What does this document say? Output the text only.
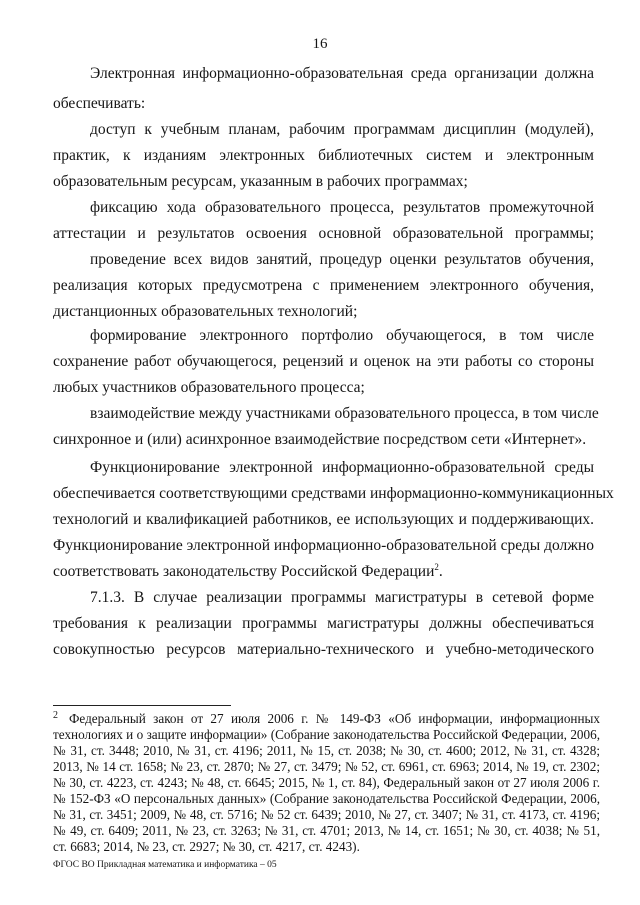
16
Электронная информационно-образовательная среда организации должна
обеспечивать:
доступ к учебным планам, рабочим программам дисциплин (модулей),
практик, к изданиям электронных библиотечных систем и электронным
образовательным ресурсам, указанным в рабочих программах;
фиксацию хода образовательного процесса, результатов промежуточной
аттестации и результатов освоения основной образовательной программы;
проведение всех видов занятий, процедур оценки результатов обучения,
реализация которых предусмотрена с применением электронного обучения,
дистанционных образовательных технологий;
формирование электронного портфолио обучающегося, в том числе
сохранение работ обучающегося, рецензий и оценок на эти работы со стороны
любых участников образовательного процесса;
взаимодействие между участниками образовательного процесса, в том числе
синхронное и (или) асинхронное взаимодействие посредством сети «Интернет».
Функционирование электронной информационно-образовательной среды
обеспечивается соответствующими средствами информационно-коммуникационных
технологий и квалификацией работников, ее использующих и поддерживающих.
Функционирование электронной информационно-образовательной среды должно
соответствовать законодательству Российской Федерации$^2$.
7.1.3. В случае реализации программы магистратуры в сетевой форме
требования к реализации программы магистратуры должны обеспечиваться
совокупностью ресурсов материально-технического и учебно-методического
2 Федеральный закон от 27 июля 2006 г. № 149-ФЗ «Об информации, информационных
технологиях и о защите информации» (Собрание законодательства Российской Федерации, 2006,
№ 31, ст. 3448; 2010, № 31, ст. 4196; 2011, № 15, ст. 2038; № 30, ст. 4600; 2012, № 31, ст. 4328;
2013, № 14 ст. 1658; № 23, ст. 2870; № 27, ст. 3479; № 52, ст. 6961, ст. 6963; 2014, № 19, ст. 2302;
№ 30, ст. 4223, ст. 4243; № 48, ст. 6645; 2015, № 1, ст. 84), Федеральный закон от 27 июля 2006 г.
№ 152-ФЗ «О персональных данных» (Собрание законодательства Российской Федерации, 2006,
№ 31, ст. 3451; 2009, № 48, ст. 5716; № 52 ст. 6439; 2010, № 27, ст. 3407; № 31, ст. 4173, ст. 4196;
№ 49, ст. 6409; 2011, № 23, ст. 3263; № 31, ст. 4701; 2013, № 14, ст. 1651; № 30, ст. 4038; № 51,
ст. 6683; 2014, № 23, ст. 2927; № 30, ст. 4217, ст. 4243).
ФГОС ВО Прикладная математика и информатика – 05
